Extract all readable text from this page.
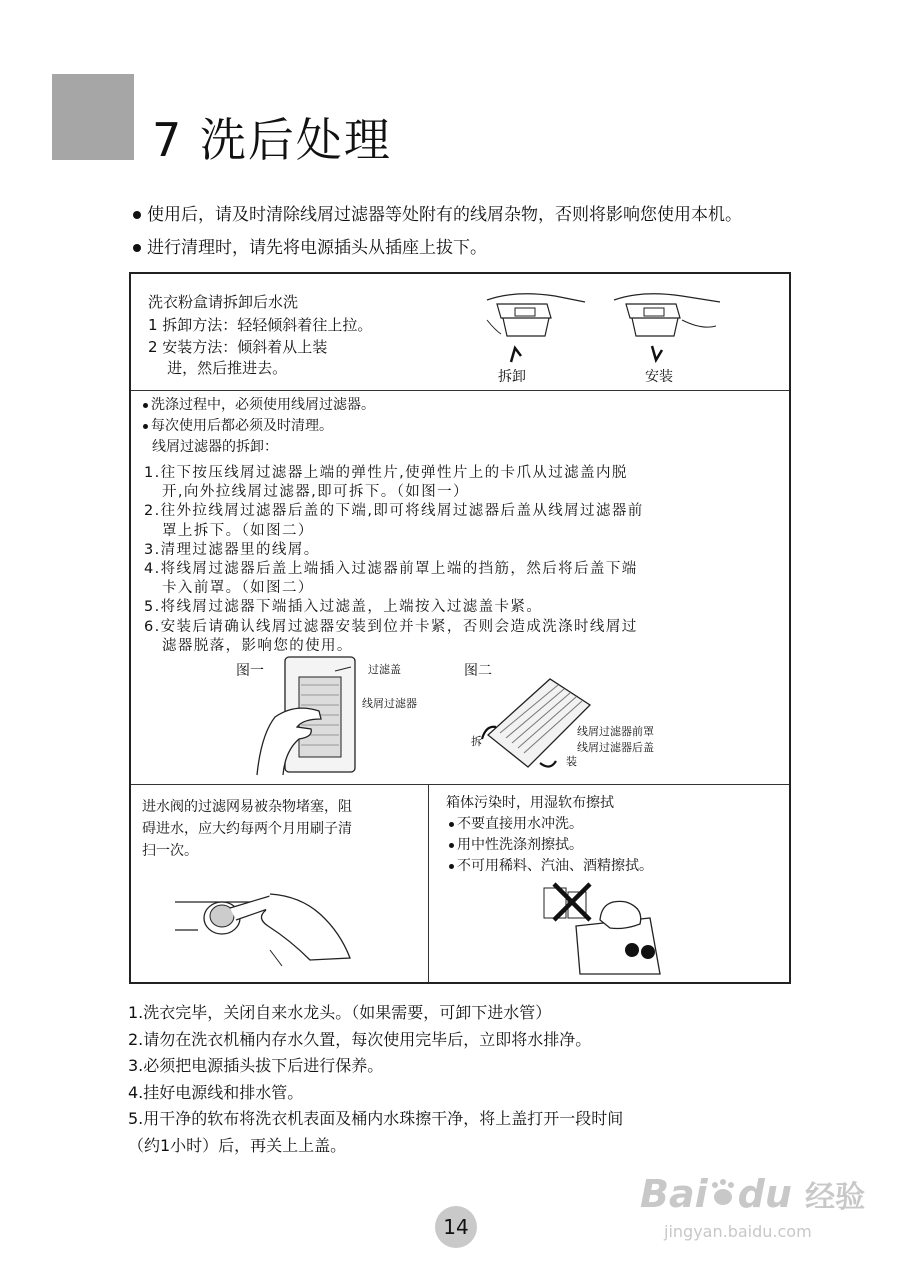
7 洗后处理
使用后，请及时清除线屑过滤器等处附有的线屑杂物，否则将影响您使用本机。
进行清理时，请先将电源插头从插座上拔下。
洗衣粉盒请拆卸后水洗
1 拆卸方法：轻轻倾斜着往上拉。
2 安装方法：倾斜着从上装
进，然后推进去。	拆卸	安装
洗涤过程中，必须使用线屑过滤器。
每次使用后都必须及时清理。
线屑过滤器的拆卸：
1.往下按压线屑过滤器上端的弹性片,使弹性片上的卡爪从过滤盖内脱
开,向外拉线屑过滤器,即可拆下。（如图一）
2.往外拉线屑过滤器后盖的下端,即可将线屑过滤器后盖从线屑过滤器前
罩上拆下。（如图二）
3.清理过滤器里的线屑。
4.将线屑过滤器后盖上端插入过滤器前罩上端的挡筋，然后将后盖下端
卡入前罩。（如图二）
5.将线屑过滤器下端插入过滤盖，上端按入过滤盖卡紧。
6.安装后请确认线屑过滤器安装到位并卡紧，否则会造成洗涤时线屑过
滤器脱落，影响您的使用。
图一	过滤盖
线屑过滤器
图二
拆
线屑过滤器前罩
线屑过滤器后盖
装
进水阀的过滤网易被杂物堵塞，阻
碍进水，应大约每两个月用刷子清
扫一次。
箱体污染时，用湿软布擦拭
不要直接用水冲洗。
用中性洗涤剂擦拭。
不可用稀料、汽油、酒精擦拭。
1.洗衣完毕，关闭自来水龙头。（如果需要，可卸下进水管）
2.请勿在洗衣机桶内存水久置，每次使用完毕后，立即将水排净。
3.必须把电源插头拔下后进行保养。
4.挂好电源线和排水管。
5.用干净的软布将洗衣机表面及桶内水珠擦干净，将上盖打开一段时间
（约1小时）后，再关上上盖。
14
Bai du 经验
jingyan.baidu.com
